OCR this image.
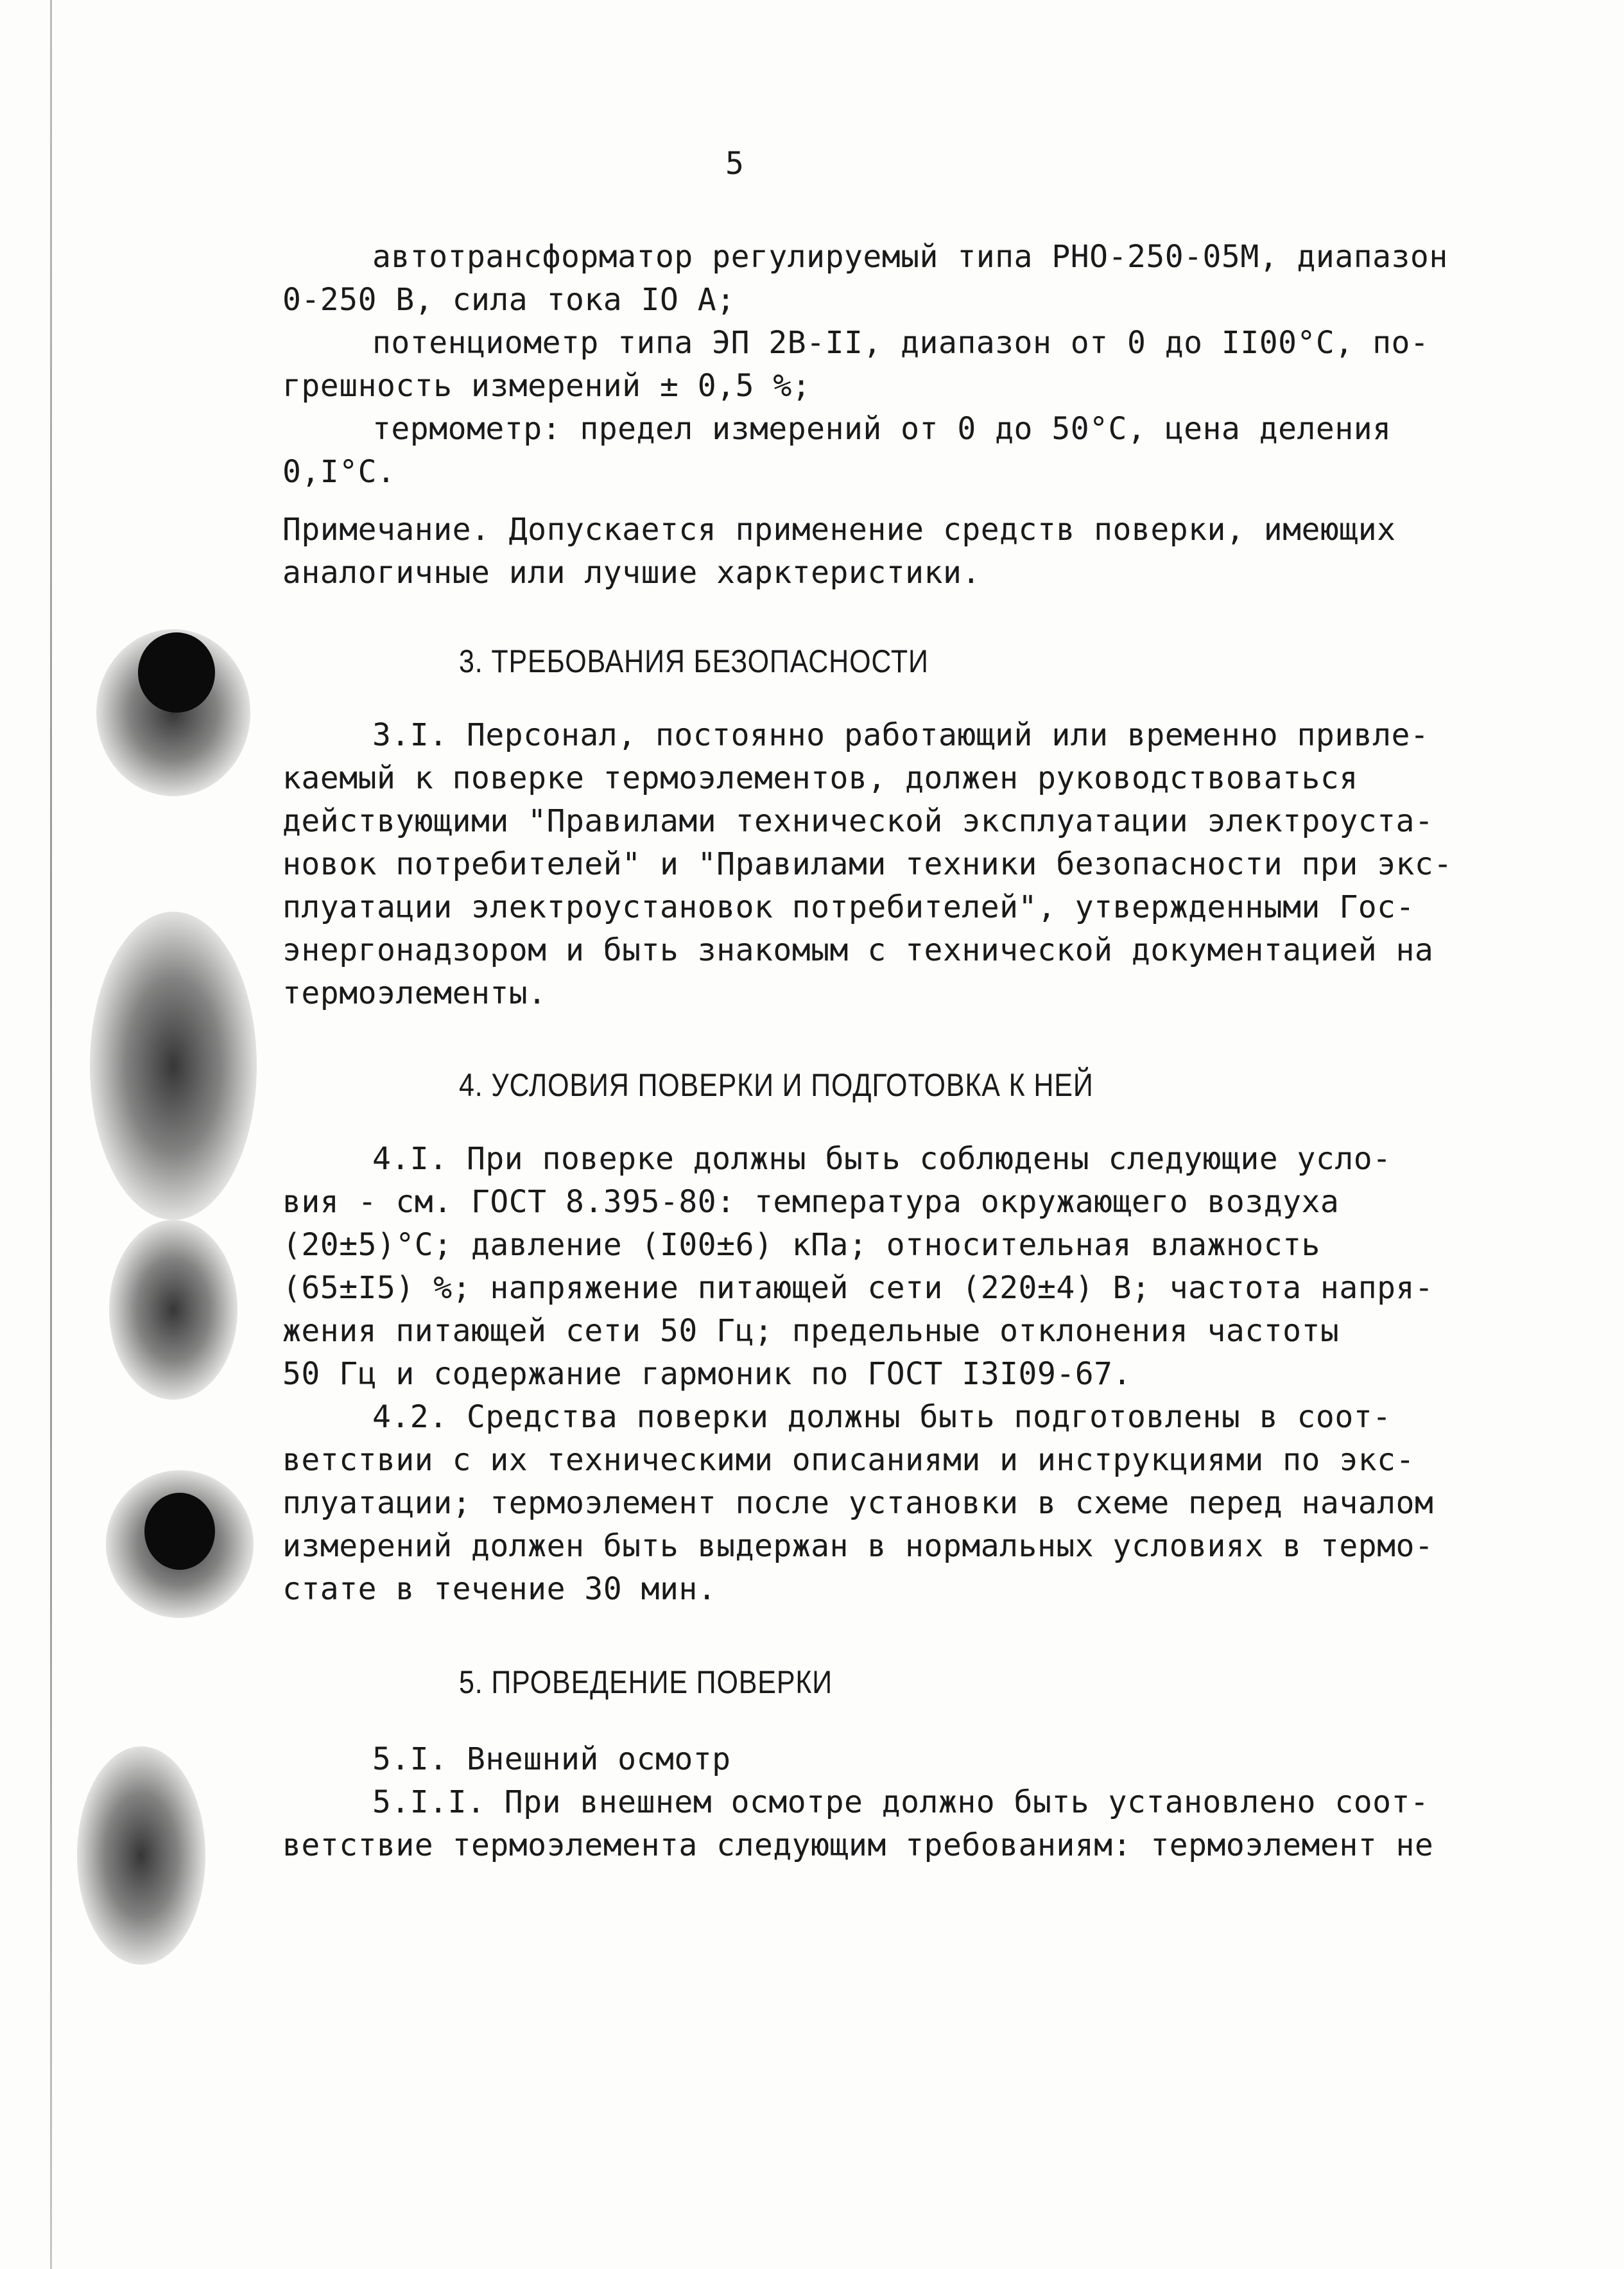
5
автотрансформатор регулируемый типа РНО-250-05М, диапазон
0-250 В, сила тока IO А;
потенциометр типа ЭП 2В-II, диапазон от 0 до II00°С, по-
грешность измерений ± 0,5 %;
термометр: предел измерений от 0 до 50°С, цена деления
0,I°С.
Примечание. Допускается применение средств поверки, имеющих
аналогичные или лучшие харктеристики.
3. ТРЕБОВАНИЯ БЕЗОПАСНОСТИ
3.I. Персонал, постоянно работающий или временно привле-
каемый к поверке термоэлементов, должен руководствоваться
действующими "Правилами технической эксплуатации электроуста-
новок потребителей" и "Правилами техники безопасности при экс-
плуатации электроустановок потребителей", утвержденными Гос-
энергонадзором и быть знакомым с технической документацией на
термоэлементы.
4. УСЛОВИЯ ПОВЕРКИ И ПОДГОТОВКА К НЕЙ
4.I. При поверке должны быть соблюдены следующие усло-
вия - см. ГОСТ 8.395-80: температура окружающего воздуха
(20±5)°С; давление (I00±6) кПа; относительная влажность
(65±I5) %; напряжение питающей сети (220±4) В; частота напря-
жения питающей сети 50 Гц; предельные отклонения частоты
50 Гц и содержание гармоник по ГОСТ I3I09-67.
4.2. Средства поверки должны быть подготовлены в соот-
ветствии с их техническими описаниями и инструкциями по экс-
плуатации; термоэлемент после установки в схеме перед началом
измерений должен быть выдержан в нормальных условиях в термо-
стате в течение 30 мин.
5. ПРОВЕДЕНИЕ ПОВЕРКИ
5.I. Внешний осмотр
5.I.I. При внешнем осмотре должно быть установлено соот-
ветствие термоэлемента следующим требованиям: термоэлемент не
